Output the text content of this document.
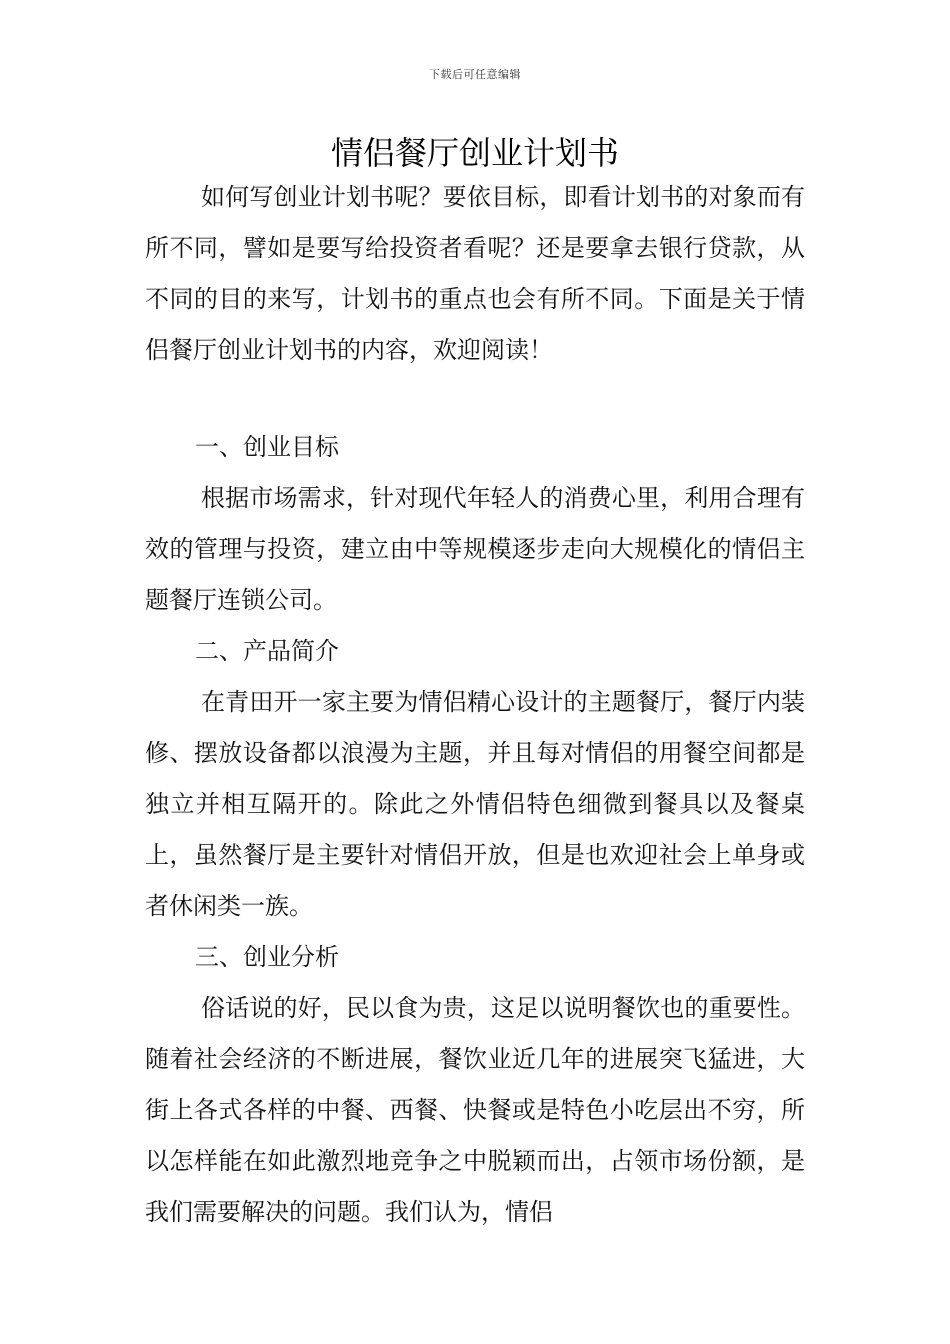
下载后可任意编辑
情侣餐厅创业计划书

如何写创业计划书呢？要依目标，即看计划书的对象而有所不同，譬如是要写给投资者看呢？还是要拿去银行贷款，从不同的目的来写，计划书的重点也会有所不同。下面是关于情侣餐厅创业计划书的内容，欢迎阅读！

一、创业目标

根据市场需求，针对现代年轻人的消费心里，利用合理有效的管理与投资，建立由中等规模逐步走向大规模化的情侣主题餐厅连锁公司。

二、产品简介

在青田开一家主要为情侣精心设计的主题餐厅，餐厅内装修、摆放设备都以浪漫为主题，并且每对情侣的用餐空间都是独立并相互隔开的。除此之外情侣特色细微到餐具以及餐桌上，虽然餐厅是主要针对情侣开放，但是也欢迎社会上单身或者休闲类一族。

三、创业分析

俗话说的好，民以食为贵，这足以说明餐饮也的重要性。 随着社会经济的不断进展，餐饮业近几年的进展突飞猛进，大街上各式各样的中餐、西餐、快餐或是特色小吃层出不穷，所以怎样能在如此激烈地竞争之中脱颖而出，占领市场份额，是我们需要解决的问题。我们认为，情侣
